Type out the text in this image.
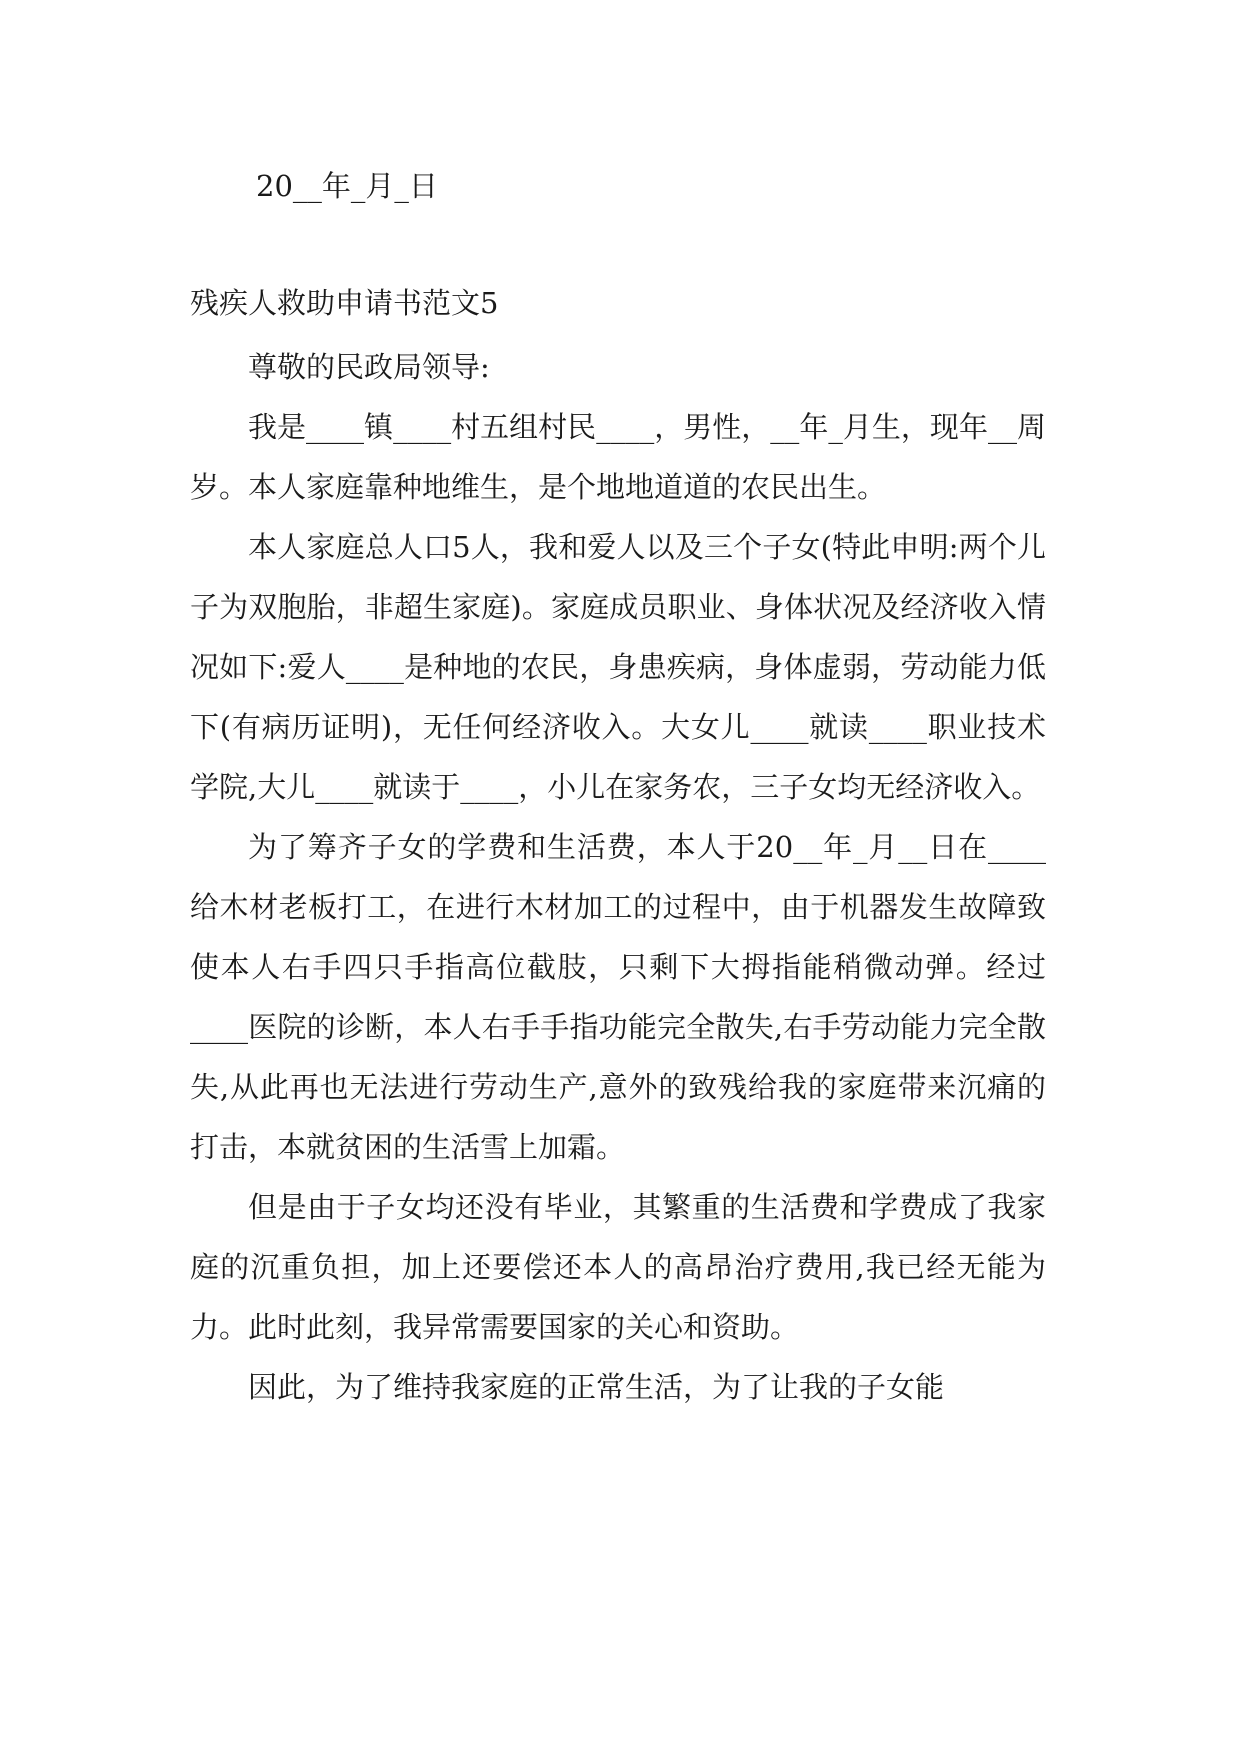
20__年_月_日
残疾人救助申请书范文5

尊敬的民政局领导:

我是____镇____村五组村民____，男性，__年_月生，现年__周岁。本人家庭靠种地维生，是个地地道道的农民出生。

本人家庭总人口5人，我和爱人以及三个子女(特此申明:两个儿子为双胞胎，非超生家庭)。家庭成员职业、身体状况及经济收入情况如下:爱人____是种地的农民，身患疾病，身体虚弱，劳动能力低下(有病历证明)，无任何经济收入。大女儿____就读____职业技术学院,大儿____就读于____，小儿在家务农，三子女均无经济收入。

为了筹齐子女的学费和生活费，本人于20__年_月__日在____给木材老板打工，在进行木材加工的过程中，由于机器发生故障致使本人右手四只手指高位截肢，只剩下大拇指能稍微动弹。经过____医院的诊断，本人右手手指功能完全散失,右手劳动能力完全散失,从此再也无法进行劳动生产,意外的致残给我的家庭带来沉痛的打击，本就贫困的生活雪上加霜。

但是由于子女均还没有毕业，其繁重的生活费和学费成了我家庭的沉重负担，加上还要偿还本人的高昂治疗费用,我已经无能为力。此时此刻，我异常需要国家的关心和资助。

因此，为了维持我家庭的正常生活，为了让我的子女能
